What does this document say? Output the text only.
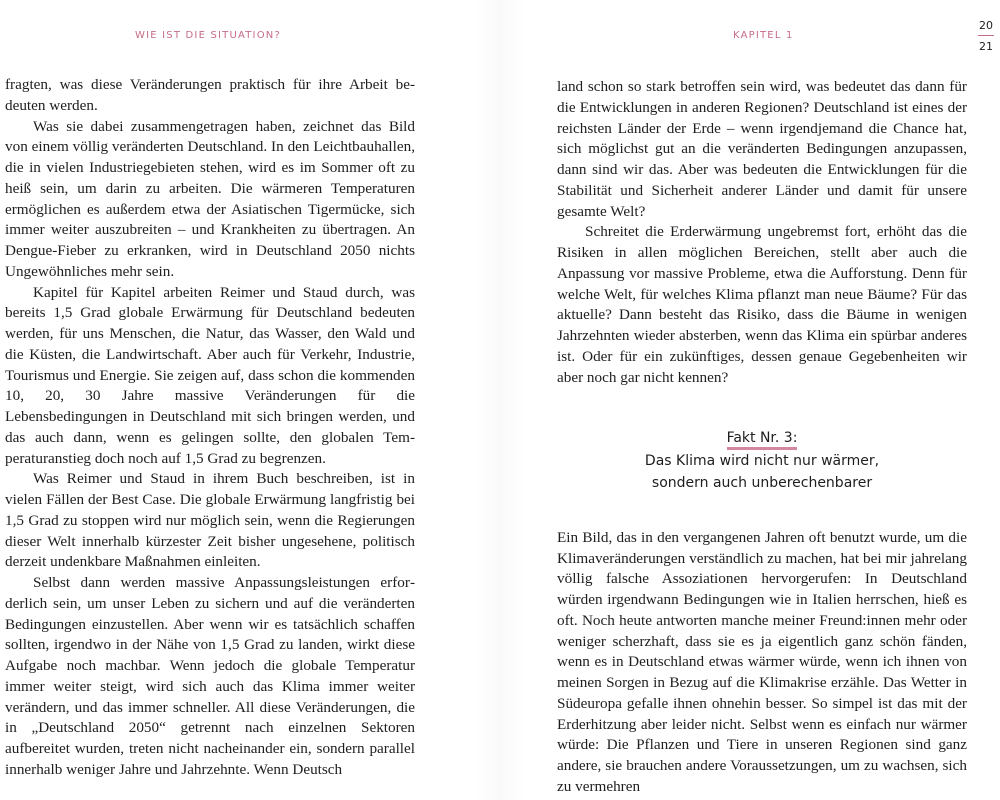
WIE IST DIE SITUATION?	KAPITEL 1
20
21

fragten, was diese Veränderungen praktisch für ihre Arbeit bedeuten werden.

Was sie dabei zusammengetragen haben, zeichnet das Bild von einem völlig veränderten Deutschland. In den Leichtbauhallen, die in vielen Industriegebieten stehen, wird es im Sommer oft zu heiß sein, um darin zu arbeiten. Die wärmeren Temperaturen ermöglichen es außerdem etwa der Asiatischen Tigermücke, sich immer weiter auszubreiten – und Krankheiten zu übertragen. An Dengue-Fieber zu erkranken, wird in Deutschland 2050 nichts Ungewöhnliches mehr sein.

Kapitel für Kapitel arbeiten Reimer und Staud durch, was bereits 1,5 Grad globale Erwärmung für Deutschland bedeuten werden, für uns Menschen, die Natur, das Wasser, den Wald und die Küsten, die Landwirtschaft. Aber auch für Verkehr, Industrie, Tourismus und Energie. Sie zeigen auf, dass schon die kommenden 10, 20, 30 Jahre massive Veränderungen für die Lebensbedingungen in Deutschland mit sich bringen werden, und das auch dann, wenn es gelingen sollte, den globalen Temperaturanstieg doch noch auf 1,5 Grad zu begrenzen.

Was Reimer und Staud in ihrem Buch beschreiben, ist in vielen Fällen der Best Case. Die globale Erwärmung langfristig bei 1,5 Grad zu stoppen wird nur möglich sein, wenn die Regierungen dieser Welt innerhalb kürzester Zeit bisher ungesehene, politisch derzeit undenkbare Maßnahmen einleiten.

Selbst dann werden massive Anpassungsleistungen erforderlich sein, um unser Leben zu sichern und auf die veränderten Bedingungen einzustellen. Aber wenn wir es tatsächlich schaffen sollten, irgendwo in der Nähe von 1,5 Grad zu landen, wirkt diese Aufgabe noch machbar. Wenn jedoch die globale Temperatur immer weiter steigt, wird sich auch das Klima immer weiter verändern, und das immer schneller. All diese Veränderungen, die in „Deutschland 2050“ getrennt nach einzelnen Sektoren aufbereitet wurden, treten nicht nacheinander ein, sondern parallel innerhalb weniger Jahre und Jahrzehnte. Wenn Deutsch

land schon so stark betroffen sein wird, was bedeutet das dann für die Entwicklungen in anderen Regionen? Deutschland ist eines der reichsten Länder der Erde – wenn irgendjemand die Chance hat, sich möglichst gut an die veränderten Bedingungen anzupassen, dann sind wir das. Aber was bedeuten die Entwicklungen für die Stabilität und Sicherheit anderer Länder und damit für unsere gesamte Welt?

Schreitet die Erderwärmung ungebremst fort, erhöht das die Risiken in allen möglichen Bereichen, stellt aber auch die Anpassung vor massive Probleme, etwa die Aufforstung. Denn für welche Welt, für welches Klima pflanzt man neue Bäume? Für das aktuelle? Dann besteht das Risiko, dass die Bäume in wenigen Jahrzehnten wieder absterben, wenn das Klima ein spürbar anderes ist. Oder für ein zukünftiges, dessen genaue Gegebenheiten wir aber noch gar nicht kennen?

Fakt Nr. 3:
Das Klima wird nicht nur wärmer,
sondern auch unberechenbarer

Ein Bild, das in den vergangenen Jahren oft benutzt wurde, um die Klimaveränderungen verständlich zu machen, hat bei mir jahrelang völlig falsche Assoziationen hervorgerufen: In Deutschland würden irgendwann Bedingungen wie in Italien herrschen, hieß es oft. Noch heute antworten manche meiner Freund:innen mehr oder weniger scherzhaft, dass sie es ja eigentlich ganz schön fänden, wenn es in Deutschland etwas wärmer würde, wenn ich ihnen von meinen Sorgen in Bezug auf die Klimakrise erzähle. Das Wetter in Südeuropa gefalle ihnen ohnehin besser. So simpel ist das mit der Erderhitzung aber leider nicht. Selbst wenn es einfach nur wärmer würde: Die Pflanzen und Tiere in unseren Regionen sind ganz andere, sie brauchen andere Voraussetzungen, um zu wachsen, sich zu vermehren
